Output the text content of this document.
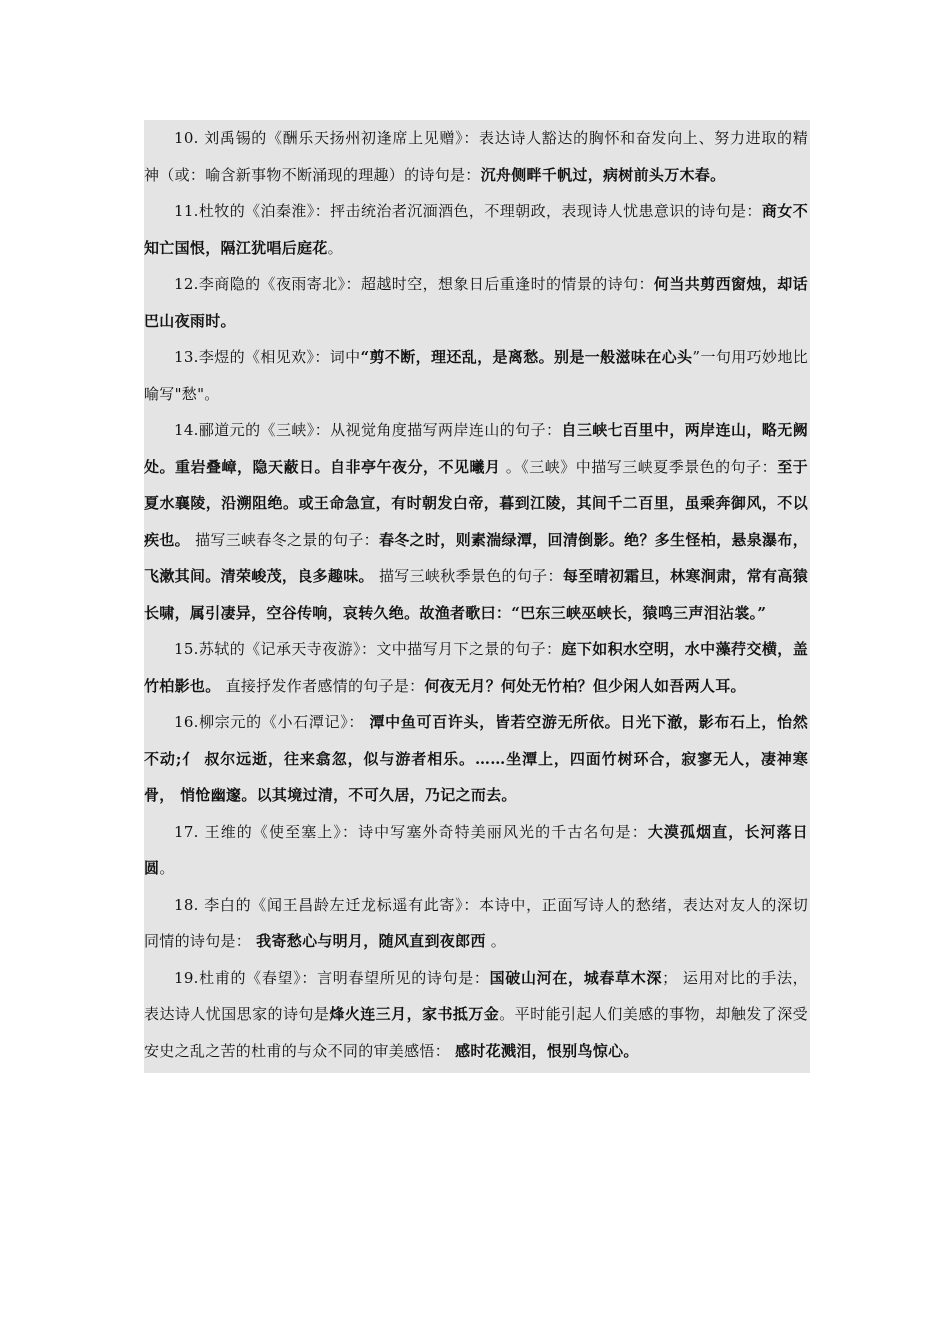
10. 刘禹锡的《酬乐天扬州初逢席上见赠》：表达诗人豁达的胸怀和奋发向上、努力进取的精神（或：喻含新事物不断涌现的理趣）的诗句是：沉舟侧畔千帆过，病树前头万木春。

11.杜牧的《泊秦淮》：抨击统治者沉湎酒色，不理朝政，表现诗人忧患意识的诗句是：商女不知亡国恨，隔江犹唱后庭花。

12.李商隐的《夜雨寄北》：超越时空，想象日后重逢时的情景的诗句：何当共剪西窗烛，却话巴山夜雨时。

13.李煜的《相见欢》：词中“剪不断，理还乱，是离愁。别是一般滋味在心头”一句用巧妙地比喻写"愁"。

14.郦道元的《三峡》：从视觉角度描写两岸连山的句子：自三峡七百里中，两岸连山，略无阙处。重岩叠嶂，隐天蔽日。自非亭午夜分，不见曦月 。《三峡》中描写三峡夏季景色的句子：至于夏水襄陵，沿溯阻绝。或王命急宣，有时朝发白帝，暮到江陵，其间千二百里，虽乘奔御风，不以疾也。 描写三峡春冬之景的句子：春冬之时，则素湍绿潭，回清倒影。绝？多生怪柏，悬泉瀑布，飞漱其间。清荣峻茂，良多趣味。 描写三峡秋季景色的句子：每至晴初霜旦，林寒涧肃，常有高猿长啸，属引凄异，空谷传响，哀转久绝。故渔者歌曰：“巴东三峡巫峡长，猿鸣三声泪沾裳。”

15.苏轼的《记承天寺夜游》：文中描写月下之景的句子：庭下如积水空明，水中藻荇交横，盖竹柏影也。 直接抒发作者感情的句子是：何夜无月？何处无竹柏？但少闲人如吾两人耳。

16.柳宗元的《小石潭记》： 潭中鱼可百许头，皆若空游无所依。日光下澈，影布石上，怡然不动;亻 叔尔远逝，往来翕忽，似与游者相乐。……坐潭上，四面竹树环合，寂寥无人，凄神寒骨， 悄怆幽邃。以其境过清，不可久居，乃记之而去。

17. 王维的《使至塞上》：诗中写塞外奇特美丽风光的千古名句是：大漠孤烟直，长河落日圆。

18. 李白的《闻王昌龄左迁龙标遥有此寄》：本诗中，正面写诗人的愁绪，表达对友人的深切同情的诗句是： 我寄愁心与明月，随风直到夜郎西 。

19.杜甫的《春望》：言明春望所见的诗句是：国破山河在，城春草木深； 运用对比的手法，表达诗人忧国思家的诗句是烽火连三月，家书抵万金。平时能引起人们美感的事物，却触发了深受安史之乱之苦的杜甫的与众不同的审美感悟： 感时花溅泪，恨别鸟惊心。
